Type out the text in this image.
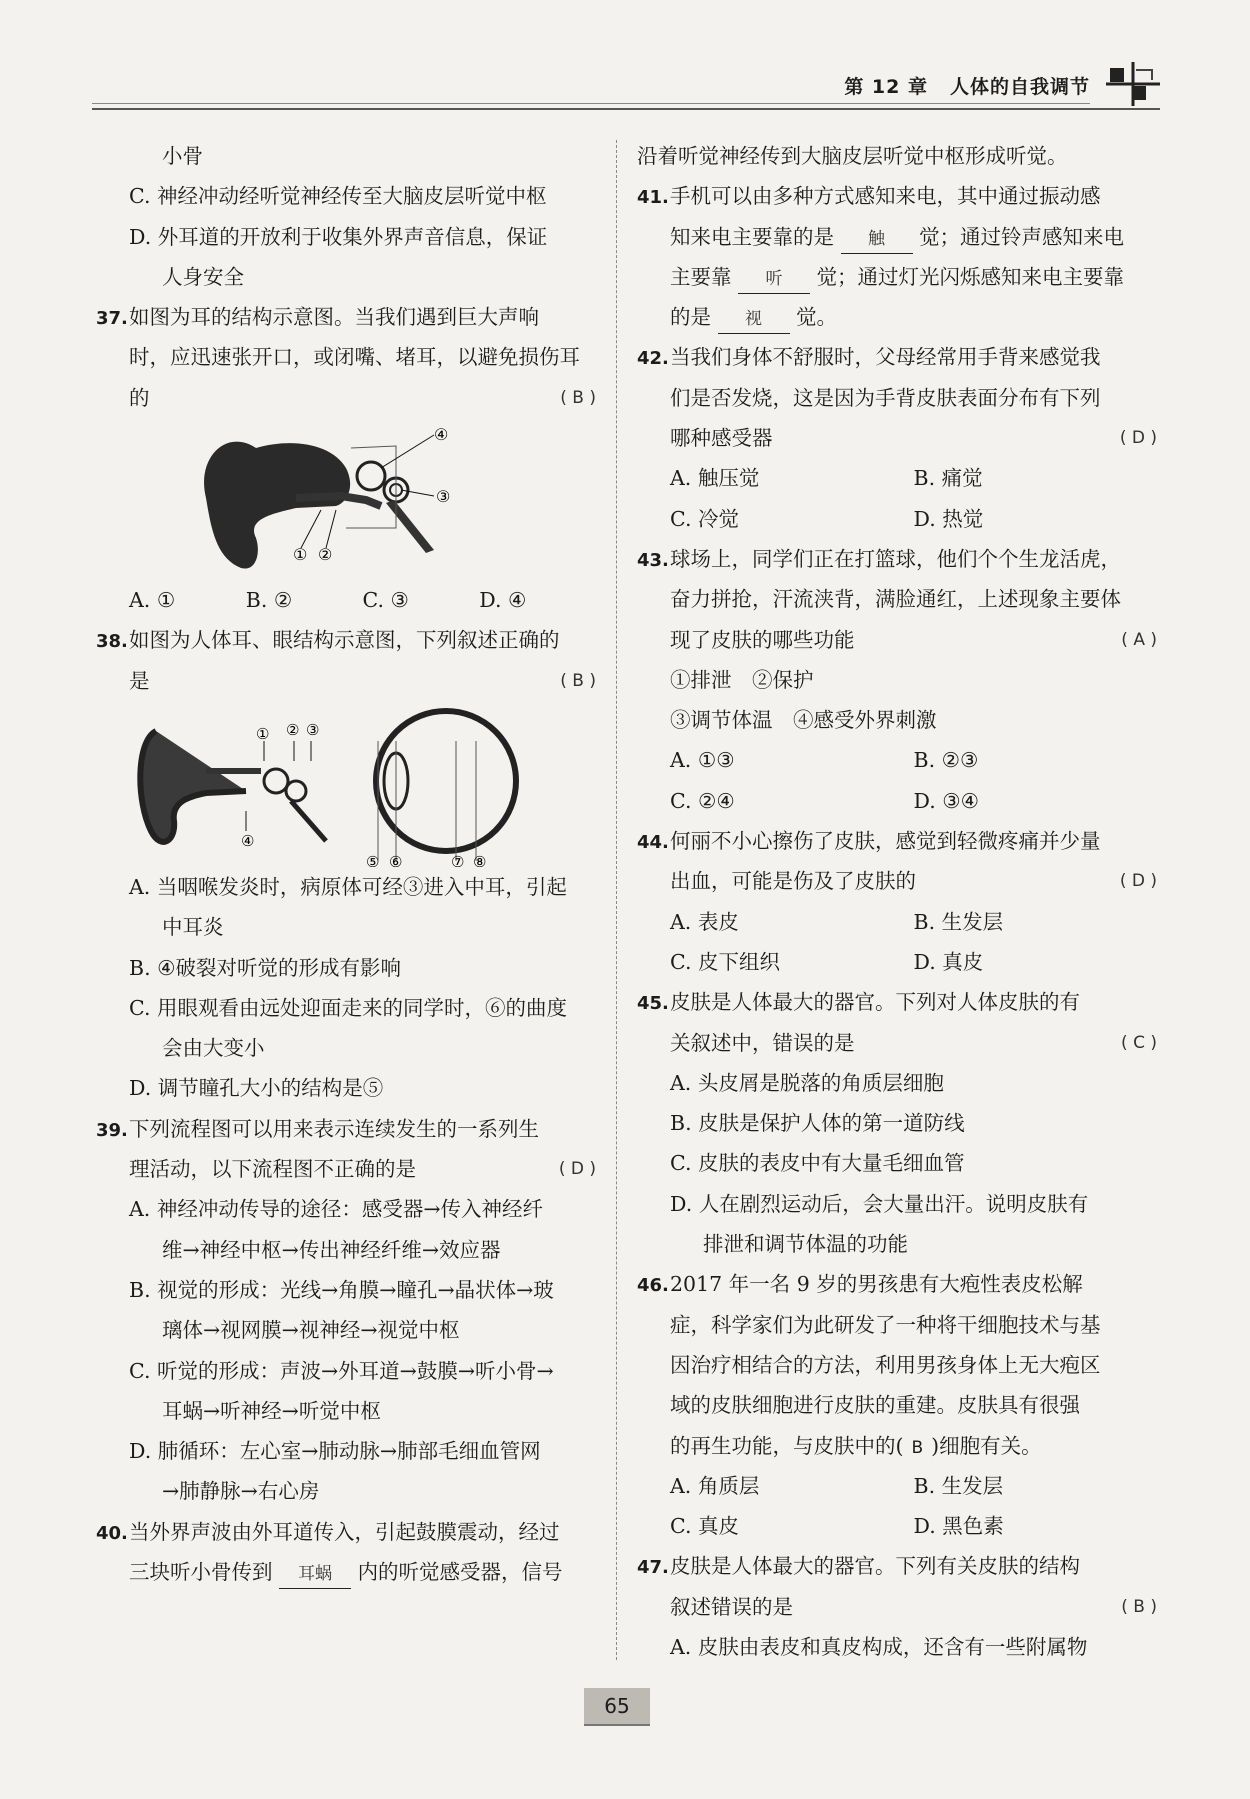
第 12 章 人体的自我调节
小骨
C. 神经冲动经听觉神经传至大脑皮层听觉中枢
D. 外耳道的开放利于收集外界声音信息，保证
人身安全
37.如图为耳的结构示意图。当我们遇到巨大声响
时，应迅速张开口，或闭嘴、堵耳，以避免损伤耳
的	( B )
④
③
① ②
A. ①	B. ②	C. ③	D. ④
38.如图为人体耳、眼结构示意图，下列叙述正确的
是	( B )
① ② ③
④
⑤ ⑥	⑦ ⑧
A. 当咽喉发炎时，病原体可经③进入中耳，引起
中耳炎
B. ④破裂对听觉的形成有影响
C. 用眼观看由远处迎面走来的同学时，⑥的曲度
会由大变小
D. 调节瞳孔大小的结构是⑤
39.下列流程图可以用来表示连续发生的一系列生
理活动，以下流程图不正确的是	( D )
A. 神经冲动传导的途径：感受器→传入神经纤
维→神经中枢→传出神经纤维→效应器
B. 视觉的形成：光线→角膜→瞳孔→晶状体→玻
璃体→视网膜→视神经→视觉中枢
C. 听觉的形成：声波→外耳道→鼓膜→听小骨→
耳蜗→听神经→听觉中枢
D. 肺循环：左心室→肺动脉→肺部毛细血管网
→肺静脉→右心房
40.当外界声波由外耳道传入，引起鼓膜震动，经过
三块听小骨传到 耳蜗 内的听觉感受器，信号
沿着听觉神经传到大脑皮层听觉中枢形成听觉。
41.手机可以由多种方式感知来电，其中通过振动感
知来电主要靠的是 触 觉；通过铃声感知来电
主要靠 听 觉；通过灯光闪烁感知来电主要靠
的是 视 觉。
42.当我们身体不舒服时，父母经常用手背来感觉我
们是否发烧，这是因为手背皮肤表面分布有下列
哪种感受器	( D )
A. 触压觉	B. 痛觉
C. 冷觉	D. 热觉
43.球场上，同学们正在打篮球，他们个个生龙活虎，
奋力拼抢，汗流浃背，满脸通红，上述现象主要体
现了皮肤的哪些功能	( A )
①排泄　②保护
③调节体温　④感受外界刺激
A. ①③	B. ②③
C. ②④	D. ③④
44.何丽不小心擦伤了皮肤，感觉到轻微疼痛并少量
出血，可能是伤及了皮肤的	( D )
A. 表皮	B. 生发层
C. 皮下组织	D. 真皮
45.皮肤是人体最大的器官。下列对人体皮肤的有
关叙述中，错误的是	( C )
A. 头皮屑是脱落的角质层细胞
B. 皮肤是保护人体的第一道防线
C. 皮肤的表皮中有大量毛细血管
D. 人在剧烈运动后，会大量出汗。说明皮肤有
排泄和调节体温的功能
46.2017 年一名 9 岁的男孩患有大疱性表皮松解
症，科学家们为此研发了一种将干细胞技术与基
因治疗相结合的方法，利用男孩身体上无大疱区
域的皮肤细胞进行皮肤的重建。皮肤具有很强
的再生功能，与皮肤中的( B )细胞有关。
A. 角质层	B. 生发层
C. 真皮	D. 黑色素
47.皮肤是人体最大的器官。下列有关皮肤的结构
叙述错误的是	( B )
A. 皮肤由表皮和真皮构成，还含有一些附属物
65
